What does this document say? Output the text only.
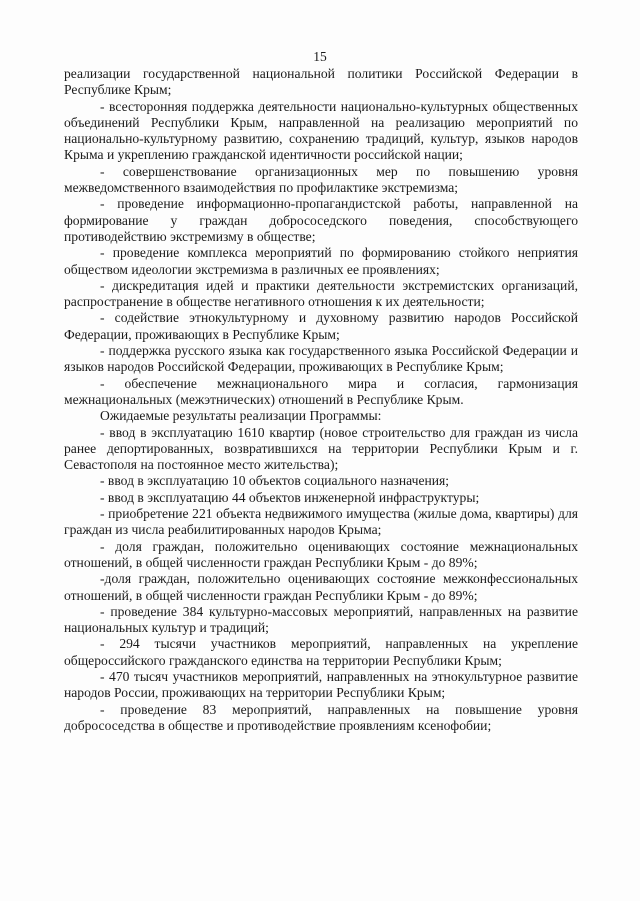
15

реализации государственной национальной политики Российской Федерации в Республике Крым;

- всесторонняя поддержка деятельности национально-культурных общественных объединений Республики Крым, направленной на реализацию мероприятий по национально-культурному развитию, сохранению традиций, культур, языков народов Крыма и укреплению гражданской идентичности российской нации;

- совершенствование организационных мер по повышению уровня межведомственного взаимодействия по профилактике экстремизма;

- проведение информационно-пропагандистской работы, направленной на формирование у граждан добрососедского поведения, способствующего противодействию экстремизму в обществе;

- проведение комплекса мероприятий по формированию стойкого неприятия обществом идеологии экстремизма в различных ее проявлениях;

- дискредитация идей и практики деятельности экстремистских организаций, распространение в обществе негативного отношения к их деятельности;

- содействие этнокультурному и духовному развитию народов Российской Федерации, проживающих в Республике Крым;

- поддержка русского языка как государственного языка Российской Федерации и языков народов Российской Федерации, проживающих в Республике Крым;

- обеспечение межнационального мира и согласия, гармонизация межнациональных (межэтнических) отношений в Республике Крым.

Ожидаемые результаты реализации Программы:

- ввод в эксплуатацию 1610 квартир (новое строительство для граждан из числа ранее депортированных, возвратившихся на территории Республики Крым и г. Севастополя на постоянное место жительства);

- ввод в эксплуатацию 10 объектов социального назначения;

- ввод в эксплуатацию 44 объектов инженерной инфраструктуры;

- приобретение 221 объекта недвижимого имущества (жилые дома, квартиры) для граждан из числа реабилитированных народов Крыма;

- доля граждан, положительно оценивающих состояние межнациональных отношений, в общей численности граждан Республики Крым - до 89%;

-доля граждан, положительно оценивающих состояние межконфессиональных отношений, в общей численности граждан Республики Крым - до 89%;

- проведение 384 культурно-массовых мероприятий, направленных на развитие национальных культур и традиций;

- 294 тысячи участников мероприятий, направленных на укрепление общероссийского гражданского единства на территории Республики Крым;

- 470 тысяч участников мероприятий, направленных на этнокультурное развитие народов России, проживающих на территории Республики Крым;

- проведение 83 мероприятий, направленных на повышение уровня добрососедства в обществе и противодействие проявлениям ксенофобии;
